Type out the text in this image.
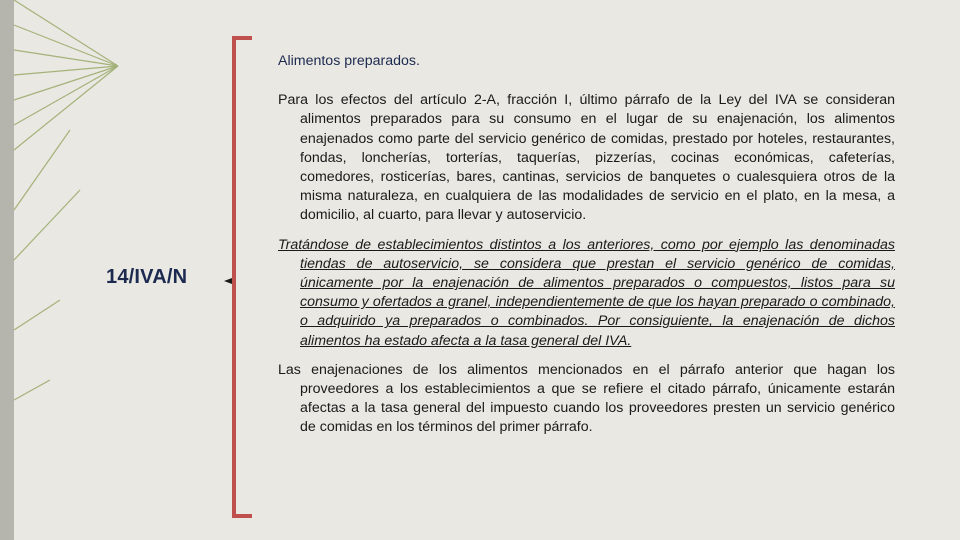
14/IVA/N

Alimentos preparados.

Para los efectos del artículo 2-A, fracción I, último párrafo de la Ley del IVA se consideran alimentos preparados para su consumo en el lugar de su enajenación, los alimentos enajenados como parte del servicio genérico de comidas, prestado por hoteles, restaurantes, fondas, loncherías, torterías, taquerías, pizzerías, cocinas económicas, cafeterías, comedores, rosticerías, bares, cantinas, servicios de banquetes o cualesquiera otros de la misma naturaleza, en cualquiera de las modalidades de servicio en el plato, en la mesa, a domicilio, al cuarto, para llevar y autoservicio.

Tratándose de establecimientos distintos a los anteriores, como por ejemplo las denominadas tiendas de autoservicio, se considera que prestan el servicio genérico de comidas, únicamente por la enajenación de alimentos preparados o compuestos, listos para su consumo y ofertados a granel, independientemente de que los hayan preparado o combinado, o adquirido ya preparados o combinados. Por consiguiente, la enajenación de dichos alimentos ha estado afecta a la tasa general del IVA.

Las enajenaciones de los alimentos mencionados en el párrafo anterior que hagan los proveedores a los establecimientos a que se refiere el citado párrafo, únicamente estarán afectas a la tasa general del impuesto cuando los proveedores presten un servicio genérico de comidas en los términos del primer párrafo.
